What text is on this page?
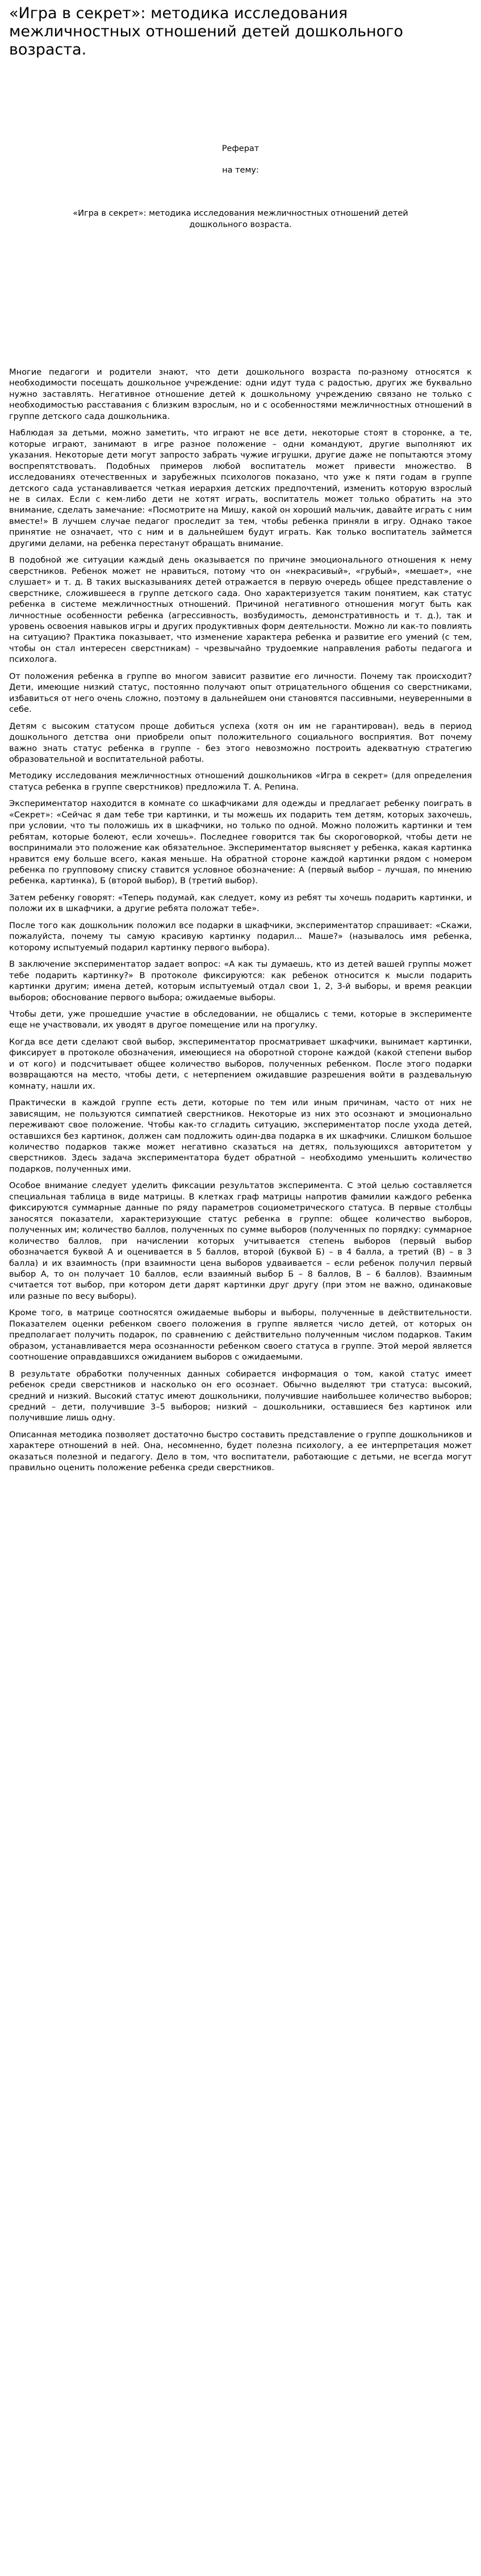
«Игра в секрет»: методика исследования межличностных отношений детей дошкольного возраста.

Реферат

на тему:

«Игра в секрет»: методика исследования межличностных отношений детей дошкольного возраста.

Многие педагоги и родители знают, что дети дошкольного возраста по-разному относятся к необходимости посещать дошкольное учреждение: одни идут туда с радостью, других же буквально нужно заставлять. Негативное отношение детей к дошкольному учреждению связано не только с необходимостью расставания с близким взрослым, но и с особенностями межличностных отношений в группе детского сада дошкольника.

Наблюдая за детьми, можно заметить, что играют не все дети, некоторые стоят в сторонке, а те, которые играют, занимают в игре разное положение – одни командуют, другие выполняют их указания. Некоторые дети могут запросто забрать чужие игрушки, другие даже не попытаются этому воспрепятствовать. Подобных примеров любой воспитатель может привести множество. В исследованиях отечественных и зарубежных психологов показано, что уже к пяти годам в группе детского сада устанавливается четкая иерархия детских предпочтений, изменить которую взрослый не в силах. Если с кем-либо дети не хотят играть, воспитатель может только обратить на это внимание, сделать замечание: «Посмотрите на Мишу, какой он хороший мальчик, давайте играть с ним вместе!» В лучшем случае педагог проследит за тем, чтобы ребенка приняли в игру. Однако такое принятие не означает, что с ним и в дальнейшем будут играть. Как только воспитатель займется другими делами, на ребенка перестанут обращать внимание.

В подобной же ситуации каждый день оказывается по причине эмоционального отношения к нему сверстников. Ребенок может не нравиться, потому что он «некрасивый», «грубый», «мешает», «не слушает» и т. д. В таких высказываниях детей отражается в первую очередь общее представление о сверстнике, сложившееся в группе детского сада. Оно характеризуется таким понятием, как статус ребенка в системе межличностных отношений. Причиной негативного отношения могут быть как личностные особенности ребенка (агрессивность, возбудимость, демонстративность и т. д.), так и уровень освоения навыков игры и других продуктивных форм деятельности. Можно ли как-то повлиять на ситуацию? Практика показывает, что изменение характера ребенка и развитие его умений (с тем, чтобы он стал интересен сверстникам) – чрезвычайно трудоемкие направления работы педагога и психолога.

От положения ребенка в группе во многом зависит развитие его личности. Почему так происходит? Дети, имеющие низкий статус, постоянно получают опыт отрицательного общения со сверстниками, избавиться от него очень сложно, поэтому в дальнейшем они становятся пассивными, неуверенными в себе.

Детям с высоким статусом проще добиться успеха (хотя он им не гарантирован), ведь в период дошкольного детства они приобрели опыт положительного социального восприятия. Вот почему важно знать статус ребенка в группе - без этого невозможно построить адекватную стратегию образовательной и воспитательной работы.

Методику исследования межличностных отношений дошкольников «Игра в секрет» (для определения статуса ребенка в группе сверстников) предложила Т. А. Репина.

Экспериментатор находится в комнате со шкафчиками для одежды и предлагает ребенку поиграть в «Секрет»: «Сейчас я дам тебе три картинки, и ты можешь их подарить тем детям, которых захочешь, при условии, что ты положишь их в шкафчики, но только по одной. Можно положить картинки и тем ребятам, которые болеют, если хочешь». Последнее говорится так бы скороговоркой, чтобы дети не воспринимали это положение как обязательное. Экспериментатор выясняет у ребенка, какая картинка нравится ему больше всего, какая меньше. На обратной стороне каждой картинки рядом с номером ребенка по групповому списку ставится условное обозначение: А (первый выбор – лучшая, по мнению ребенка, картинка), Б (второй выбор), В (третий выбор).

Затем ребенку говорят: «Теперь подумай, как следует, кому из ребят ты хочешь подарить картинки, и положи их в шкафчики, а другие ребята положат тебе».

После того как дошкольник положил все подарки в шкафчики, экспериментатор спрашивает: «Скажи, пожалуйста, почему ты самую красивую картинку подарил... Маше?» (называлось имя ребенка, которому испытуемый подарил картинку первого выбора).

В заключение экспериментатор задает вопрос: «А как ты думаешь, кто из детей вашей группы может тебе подарить картинку?» В протоколе фиксируются: как ребенок относится к мысли подарить картинки другим; имена детей, которым испытуемый отдал свои 1, 2, 3-й выборы, и время реакции выборов; обоснование первого выбора; ожидаемые выборы.

Чтобы дети, уже прошедшие участие в обследовании, не общались с теми, которые в эксперименте еще не участвовали, их уводят в другое помещение или на прогулку.

Когда все дети сделают свой выбор, экспериментатор просматривает шкафчики, вынимает картинки, фиксирует в протоколе обозначения, имеющиеся на оборотной стороне каждой (какой степени выбор и от кого) и подсчитывает общее количество выборов, полученных ребенком. После этого подарки возвращаются на место, чтобы дети, с нетерпением ожидавшие разрешения войти в раздевальную комнату, нашли их.

Практически в каждой группе есть дети, которые по тем или иным причинам, часто от них не зависящим, не пользуются симпатией сверстников. Некоторые из них это осознают и эмоционально переживают свое положение. Чтобы как-то сгладить ситуацию, экспериментатор после ухода детей, оставшихся без картинок, должен сам подложить один-два подарка в их шкафчики. Слишком большое количество подарков также может негативно сказаться на детях, пользующихся авторитетом у сверстников. Здесь задача экспериментатора будет обратной – необходимо уменьшить количество подарков, полученных ими.

Особое внимание следует уделить фиксации результатов эксперимента. С этой целью составляется специальная таблица в виде матрицы. В клетках граф матрицы напротив фамилии каждого ребенка фиксируются суммарные данные по ряду параметров социометрического статуса. В первые столбцы заносятся показатели, характеризующие статус ребенка в группе: общее количество выборов, полученных им; количество баллов, полученных по сумме выборов (полученных по порядку: суммарное количество баллов, при начислении которых учитывается степень выборов (первый выбор обозначается буквой А и оценивается в 5 баллов, второй (буквой Б) – в 4 балла, а третий (В) – в 3 балла) и их взаимность (при взаимности цена выборов удваивается – если ребенок получил первый выбор А, то он получает 10 баллов, если взаимный выбор Б – 8 баллов, В – 6 баллов). Взаимным считается тот выбор, при котором дети дарят картинки друг другу (при этом не важно, одинаковые или разные по весу выборы).

Кроме того, в матрице соотносятся ожидаемые выборы и выборы, полученные в действительности. Показателем оценки ребенком своего положения в группе является число детей, от которых он предполагает получить подарок, по сравнению с действительно полученным числом подарков. Таким образом, устанавливается мера осознанности ребенком своего статуса в группе. Этой мерой является соотношение оправдавшихся ожиданием выборов с ожидаемыми.

В результате обработки полученных данных собирается информация о том, какой статус имеет ребенок среди сверстников и насколько он его осознает. Обычно выделяют три статуса: высокий, средний и низкий. Высокий статус имеют дошкольники, получившие наибольшее количество выборов; средний – дети, получившие 3–5 выборов; низкий – дошкольники, оставшиеся без картинок или получившие лишь одну.

Описанная методика позволяет достаточно быстро составить представление о группе дошкольников и характере отношений в ней. Она, несомненно, будет полезна психологу, а ее интерпретация может оказаться полезной и педагогу. Дело в том, что воспитатели, работающие с детьми, не всегда могут правильно оценить положение ребенка среди сверстников.
